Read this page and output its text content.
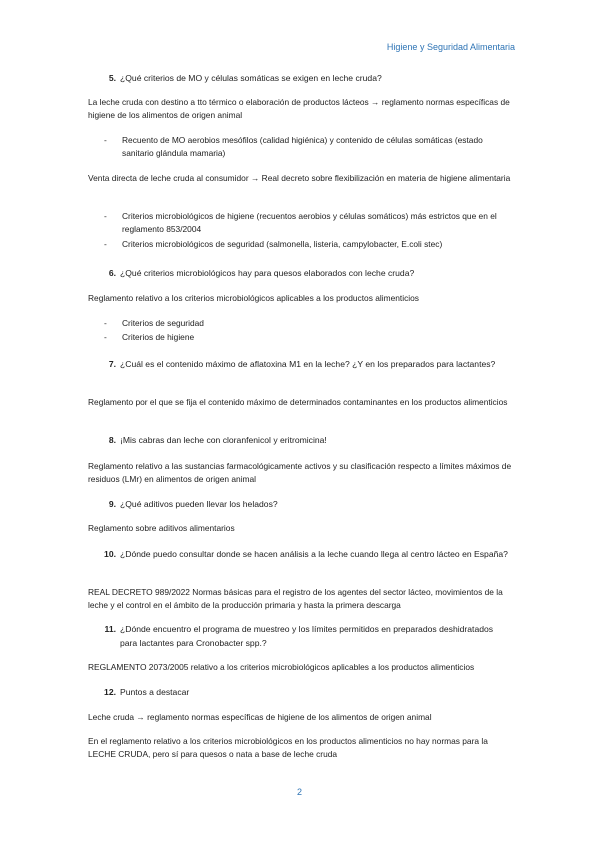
Higiene y Seguridad Alimentaria
5. ¿Qué criterios de MO y células somáticas se exigen en leche cruda?
La leche cruda con destino a tto térmico o elaboración de productos lácteos → reglamento normas específicas de higiene de los alimentos de origen animal
-	Recuento de MO aerobios mesófilos (calidad higiénica) y contenido de células somáticas (estado sanitario glándula mamaria)
Venta directa de leche cruda al consumidor → Real decreto sobre flexibilización en materia de higiene alimentaria
-	Criterios microbiológicos de higiene (recuentos aerobios y células somáticos) más estrictos que en el reglamento 853/2004
-	Criterios microbiológicos de seguridad (salmonella, listeria, campylobacter, E.coli stec)
6. ¿Qué criterios microbiológicos hay para quesos elaborados con leche cruda?
Reglamento relativo a los criterios microbiológicos aplicables a los productos alimenticios
-	Criterios de seguridad
-	Criterios de higiene
7. ¿Cuál es el contenido máximo de aflatoxina M1 en la leche? ¿Y en los preparados para lactantes?
Reglamento por el que se fija el contenido máximo de determinados contaminantes en los productos alimenticios
8. ¡Mis cabras dan leche con cloranfenicol y eritromicina!
Reglamento relativo a las sustancias farmacológicamente activos y su clasificación respecto a límites máximos de residuos (LMr) en alimentos de origen animal
9. ¿Qué aditivos pueden llevar los helados?
Reglamento sobre aditivos alimentarios
10. ¿Dónde puedo consultar donde se hacen análisis a la leche cuando llega al centro lácteo en España?
REAL DECRETO 989/2022 Normas básicas para el registro de los agentes del sector lácteo, movimientos de la leche y el control en el ámbito de la producción primaria y hasta la primera descarga
11. ¿Dónde encuentro el programa de muestreo y los límites permitidos en preparados deshidratados para lactantes para Cronobacter spp.?
REGLAMENTO 2073/2005 relativo a los criterios microbiológicos aplicables a los productos alimenticios
12. Puntos a destacar
Leche cruda → reglamento normas específicas de higiene de los alimentos de origen animal
En el reglamento relativo a los criterios microbiológicos en los productos alimenticios no hay normas para la LECHE CRUDA, pero sí para quesos o nata a base de leche cruda
2
